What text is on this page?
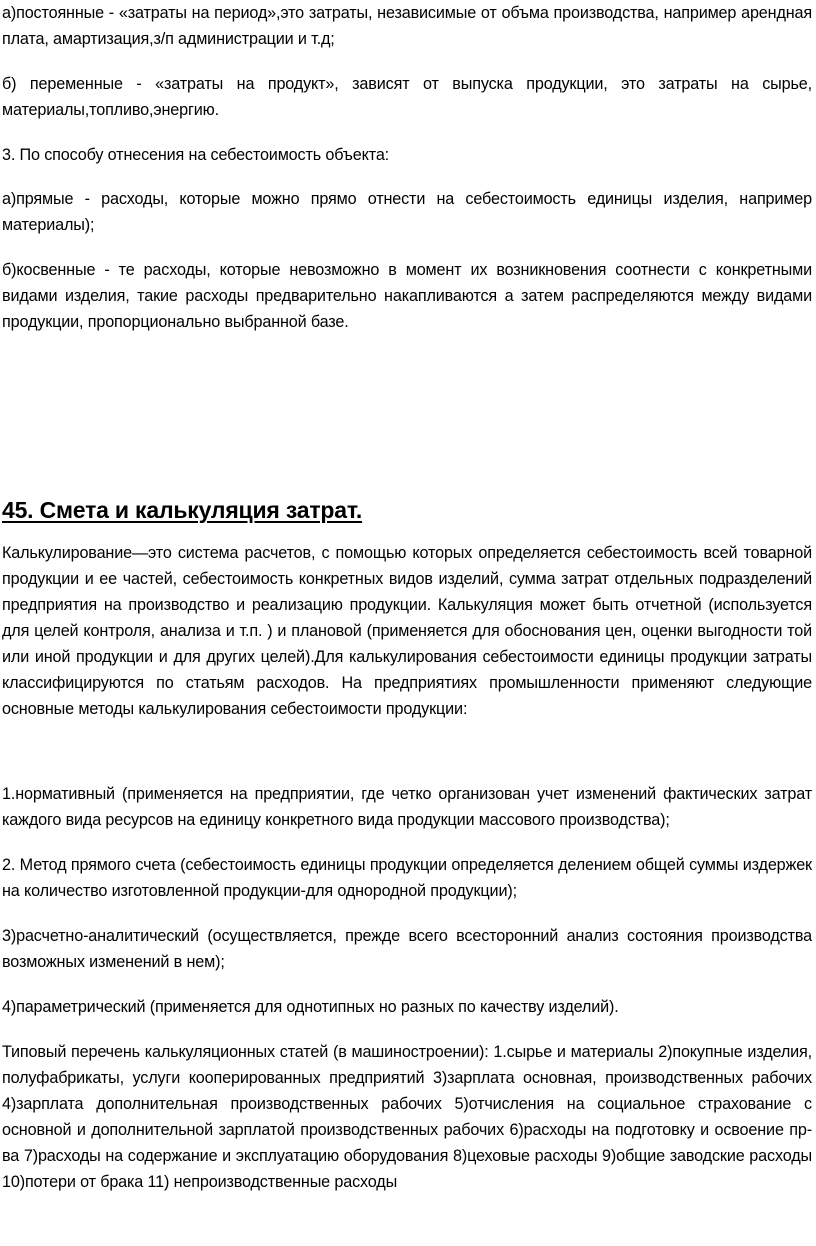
а)постоянные - «затраты на период»,это затраты, независимые от объма производства, например арендная плата, амартизация,з/п администрации и т.д;

б) переменные - «затраты на продукт», зависят от выпуска продукции, это затраты на сырье, материалы,топливо,энергию.

3. По способу отнесения на себестоимость объекта:

а)прямые - расходы, которые можно прямо отнести на себестоимость единицы изделия, например материалы);

б)косвенные - те расходы, которые невозможно в момент их возникновения соотнести с конкретными видами изделия, такие расходы предварительно накапливаются а затем распределяются между видами продукции, пропорционально выбранной базе.

45. Смета и калькуляция затрат.

Калькулирование—это система расчетов, с помощью которых определяется себестоимость всей товарной продукции и ее частей, себестоимость конкретных видов изделий, сумма затрат отдельных подразделений предприятия на производство и реализацию продукции. Калькуляция может быть отчетной (используется для целей контроля, анализа и т.п. ) и плановой (применяется для обоснования цен, оценки выгодности той или иной продукции и для других целей).Для калькулирования себестоимости единицы продукции затраты классифицируются по статьям расходов. На предприятиях промышленности применяют следующие основные методы калькулирования себестоимости продукции:

1.нормативный (применяется на предприятии, где четко организован учет изменений фактических затрат каждого вида ресурсов на единицу конкретного вида продукции массового производства);

2. Метод прямого счета (себестоимость единицы продукции определяется делением общей суммы издержек на количество изготовленной продукции-для однородной продукции);

3)расчетно-аналитический (осуществляется, прежде всего всесторонний анализ состояния производства возможных изменений в нем);

4)параметрический (применяется для однотипных но разных по качеству изделий).

Типовый перечень калькуляционных статей (в машиностроении): 1.сырье и материалы 2)покупные изделия, полуфабрикаты, услуги кооперированных предприятий 3)зарплата основная, производственных рабочих 4)зарплата дополнительная производственных рабочих 5)отчисления на социальное страхование с основной и дополнительной зарплатой производственных рабочих 6)расходы на подготовку и освоение пр-ва 7)расходы на содержание и эксплуатацию оборудования 8)цеховые расходы 9)общие заводские расходы 10)потери от брака 11) непроизводственные расходы
